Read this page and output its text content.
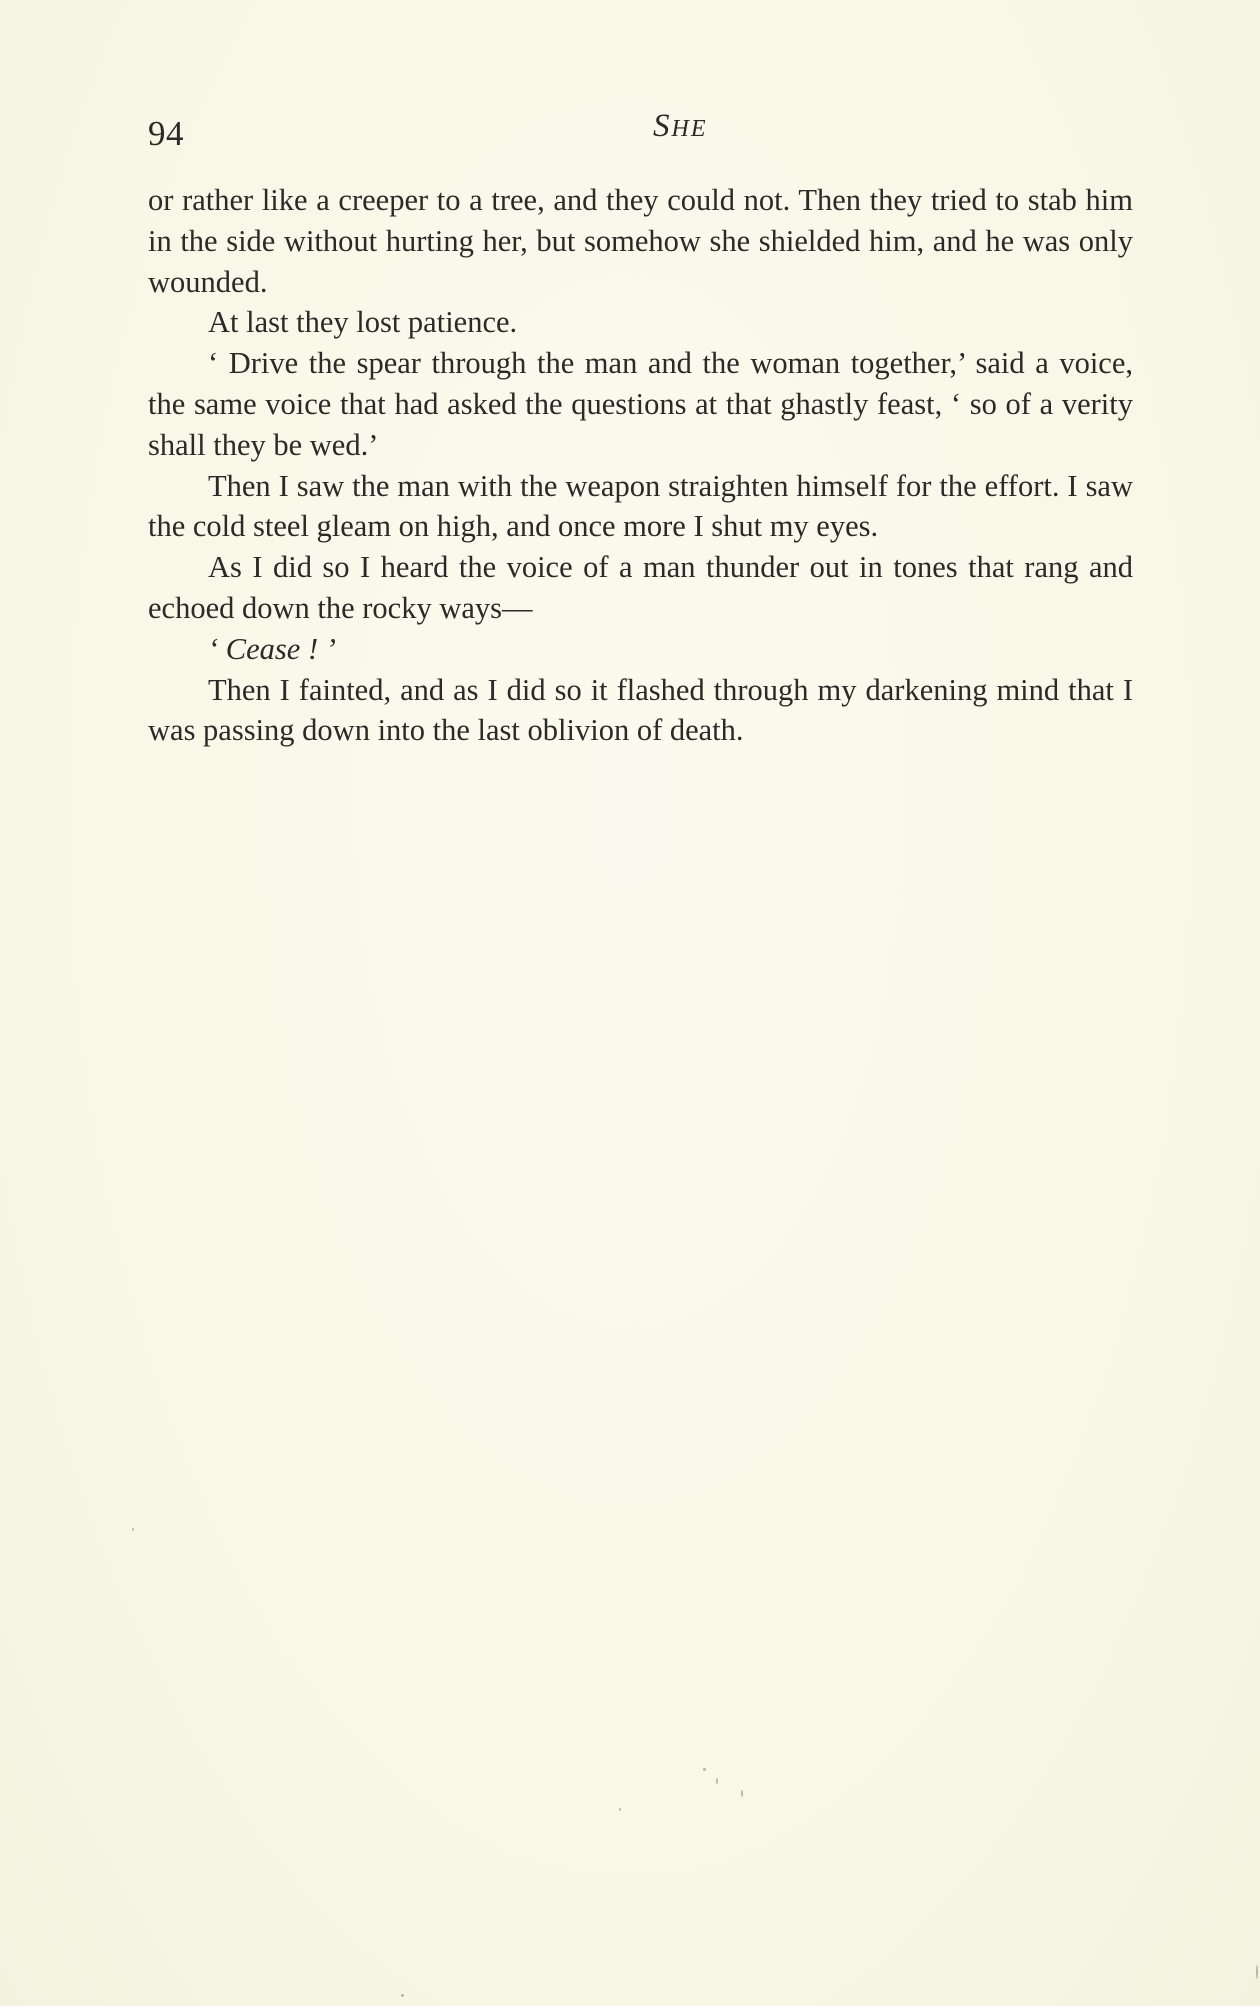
94	SHE

or rather like a creeper to a tree, and they could not. Then they tried to stab him in the side without hurting her, but somehow she shielded him, and he was only wounded.

At last they lost patience.

‘ Drive the spear through the man and the woman together,’ said a voice, the same voice that had asked the questions at that ghastly feast, ‘ so of a verity shall they be wed.’

Then I saw the man with the weapon straighten himself for the effort. I saw the cold steel gleam on high, and once more I shut my eyes.

As I did so I heard the voice of a man thunder out in tones that rang and echoed down the rocky ways—

‘ Cease ! ’

Then I fainted, and as I did so it flashed through my darkening mind that I was passing down into the last oblivion of death.
